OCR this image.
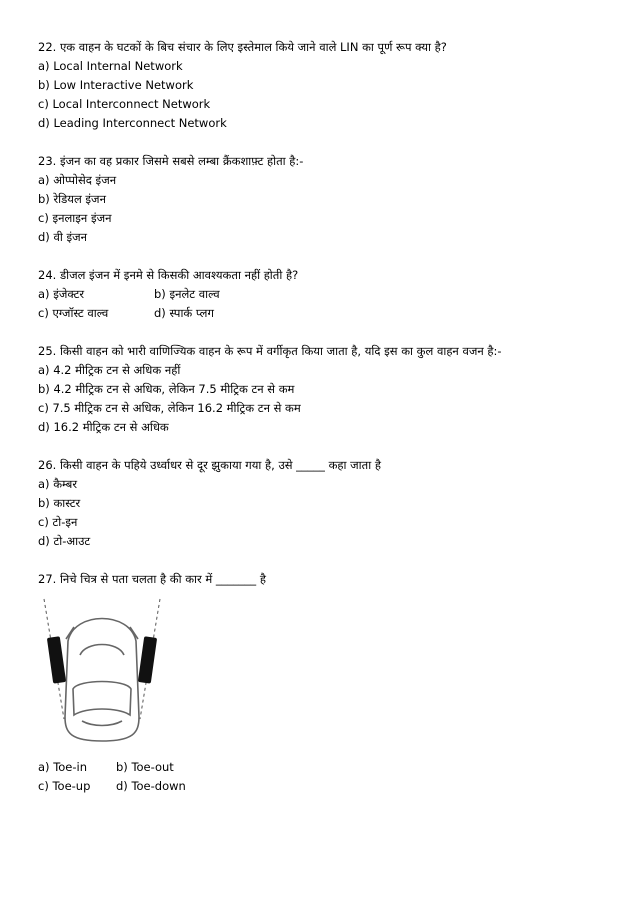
22. एक वाहन के घटकों के बिच संचार के लिए इस्तेमाल किये जाने वाले LIN का पूर्ण रूप क्या है?
a) Local Internal Network
b) Low Interactive Network
c) Local Interconnect Network
d) Leading Interconnect Network
23. इंजन का वह प्रकार जिसमे सबसे लम्बा क्रैंकशाफ़्ट होता है:-
a) ओप्पोसेद इंजन
b) रेडियल इंजन
c) इनलाइन इंजन
d) वी इंजन
24. डीजल इंजन में इनमे से किसकी आवश्यकता नहीं होती है?
a) इंजेक्टर	b) इनलेट वाल्व
c) एग्जॉस्ट वाल्व	d) स्पार्क प्लग
25. किसी वाहन को भारी वाणिज्यिक वाहन के रूप में वर्गीकृत किया जाता है, यदि इस का कुल वाहन वजन है:-
a) 4.2 मीट्रिक टन से अधिक नहीं
b) 4.2 मीट्रिक टन से अधिक, लेकिन 7.5 मीट्रिक टन से कम
c) 7.5 मीट्रिक टन से अधिक, लेकिन 16.2 मीट्रिक टन से कम
d) 16.2 मीट्रिक टन से अधिक
26. किसी वाहन के पहिये उर्ध्वाधर से दूर झुकाया गया है, उसे _____ कहा जाता है
a) कैम्बर
b) कास्टर
c) टो-इन
d) टो-आउट
27. निचे चित्र से पता चलता है की कार में _______ है
a) Toe-in	b) Toe-out
c) Toe-up	d) Toe-down
